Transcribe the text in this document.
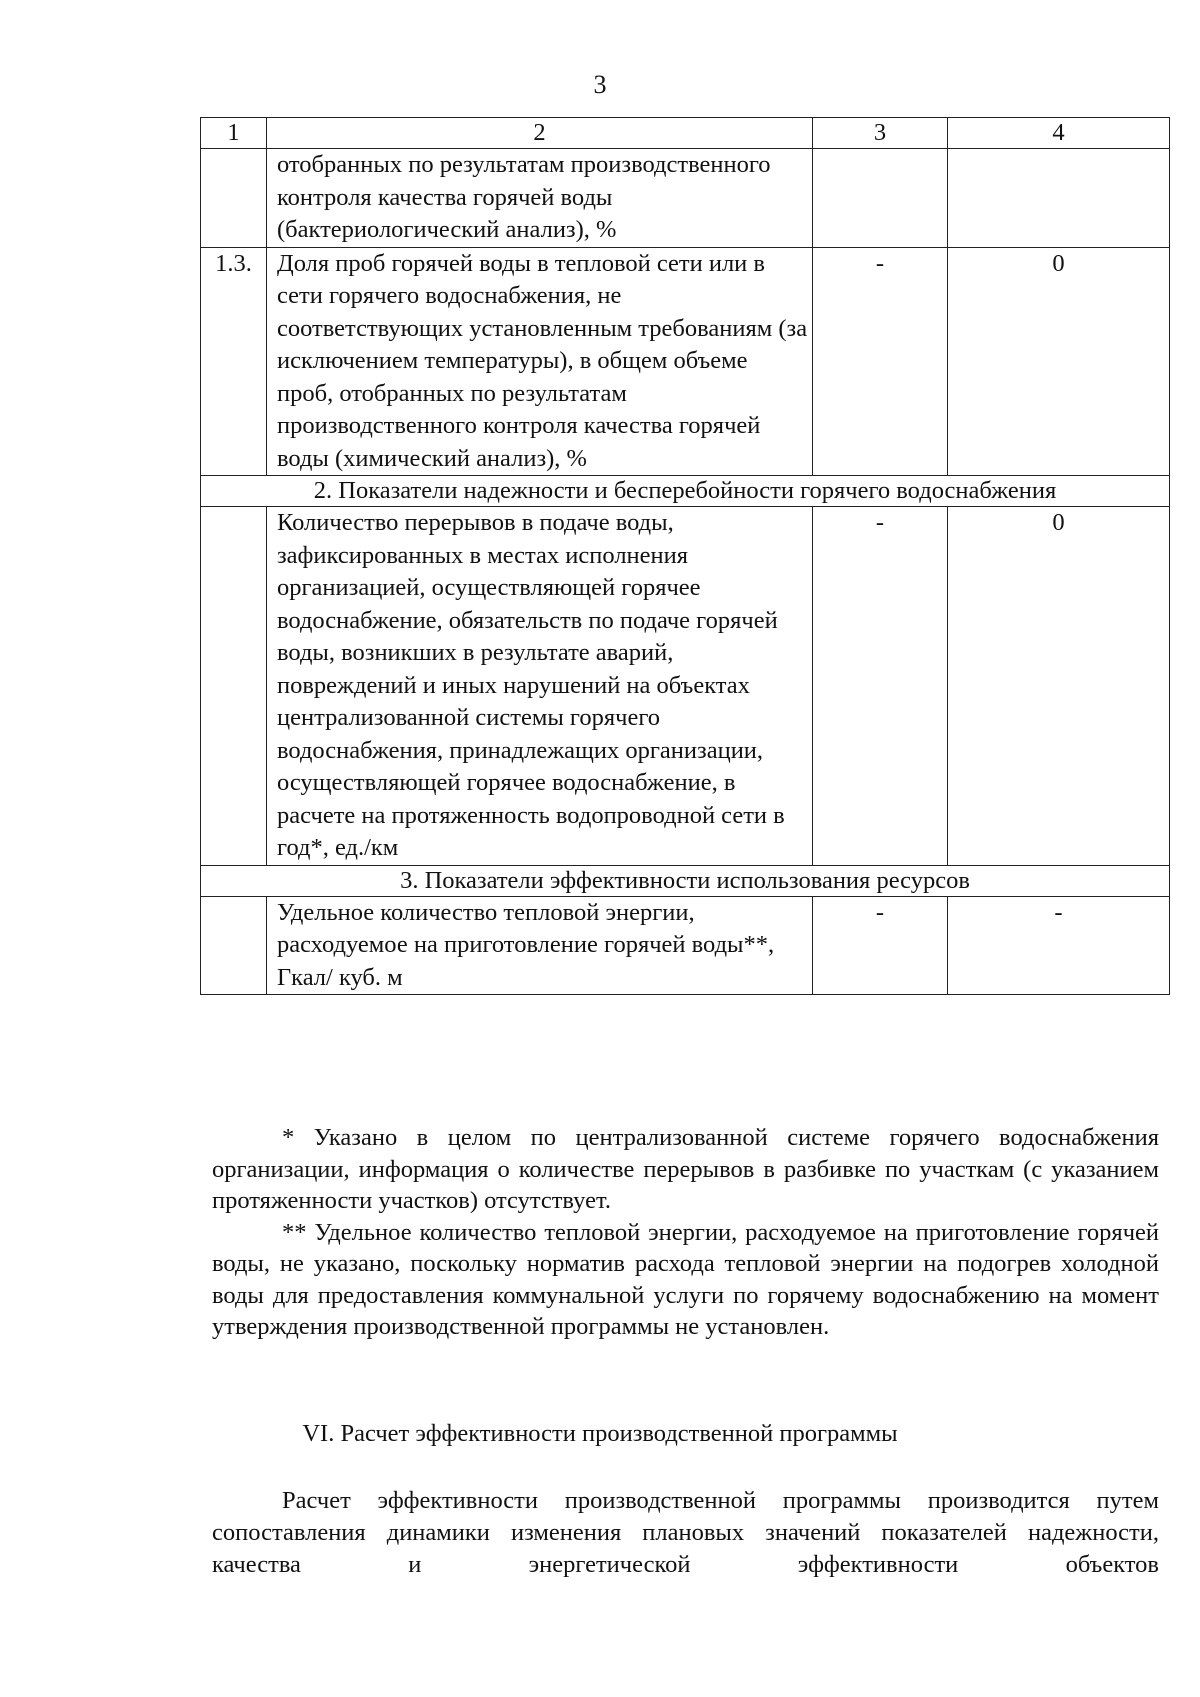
3
1	2	3	4
	отобранных по результатам производственного контроля качества горячей воды (бактериологический анализ), %		
1.3.	Доля проб горячей воды в тепловой сети или в сети горячего водоснабжения, не соответствующих установленным требованиям (за исключением температуры), в общем объеме проб, отобранных по результатам производственного контроля качества горячей воды (химический анализ), %	-	0
2. Показатели надежности и бесперебойности горячего водоснабжения			
	Количество перерывов в подаче воды, зафиксированных в местах исполнения организацией, осуществляющей горячее водоснабжение, обязательств по подаче горячей воды, возникших в результате аварий, повреждений и иных нарушений на объектах централизованной системы горячего водоснабжения, принадлежащих организации, осуществляющей горячее водоснабжение, в расчете на протяженность водопроводной сети в год*, ед./км	-	0
3. Показатели эффективности использования ресурсов			
	Удельное количество тепловой энергии, расходуемое на приготовление горячей воды**, Гкал/ куб. м	-	-

* Указано в целом по централизованной системе горячего водоснабжения организации, информация о количестве перерывов в разбивке по участкам (с указанием протяженности участков) отсутствует.

** Удельное количество тепловой энергии, расходуемое на приготовление горячей воды, не указано, поскольку норматив расхода тепловой энергии на подогрев холодной воды для предоставления коммунальной услуги по горячему водоснабжению на момент утверждения производственной программы не установлен.

VI. Расчет эффективности производственной программы

Расчет эффективности производственной программы производится путем сопоставления динамики изменения плановых значений показателей надежности, качества и энергетической эффективности объектов
